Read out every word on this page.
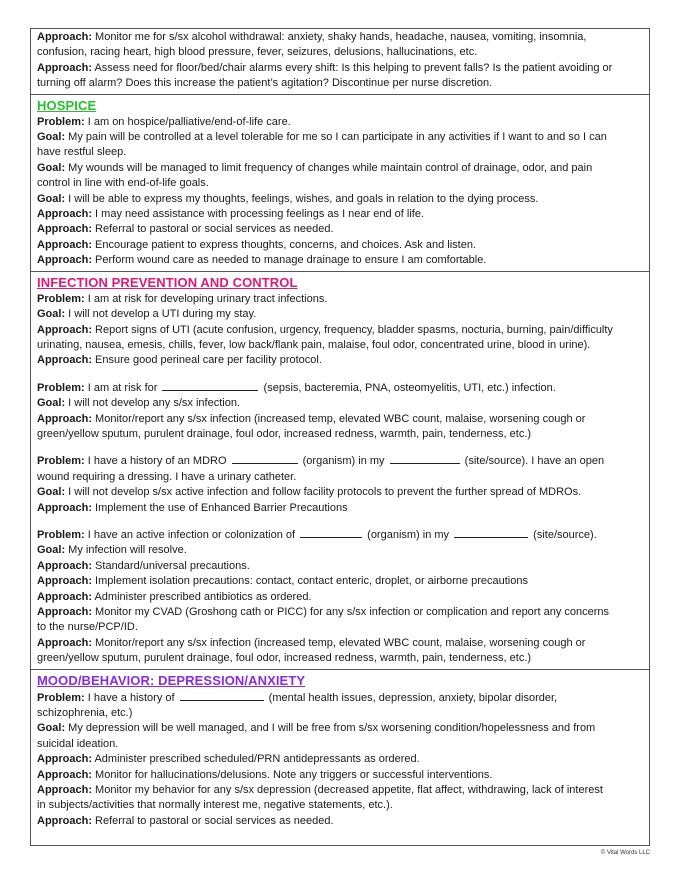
Approach: Monitor me for s/sx alcohol withdrawal: anxiety, shaky hands, headache, nausea, vomiting, insomnia,

confusion, racing heart, high blood pressure, fever, seizures, delusions, hallucinations, etc.

Approach: Assess need for floor/bed/chair alarms every shift: Is this helping to prevent falls? Is the patient avoiding or

turning off alarm? Does this increase the patient’s agitation? Discontinue per nurse discretion.

HOSPICE

Problem: I am on hospice/palliative/end-of-life care.

Goal: My pain will be controlled at a level tolerable for me so I can participate in any activities if I want to and so I can

have restful sleep.

Goal: My wounds will be managed to limit frequency of changes while maintain control of drainage, odor, and pain

control in line with end-of-life goals.

Goal: I will be able to express my thoughts, feelings, wishes, and goals in relation to the dying process.

Approach: I may need assistance with processing feelings as I near end of life.

Approach: Referral to pastoral or social services as needed.

Approach: Encourage patient to express thoughts, concerns, and choices. Ask and listen.

Approach: Perform wound care as needed to manage drainage to ensure I am comfortable.

INFECTION PREVENTION AND CONTROL

Problem: I am at risk for developing urinary tract infections.

Goal: I will not develop a UTI during my stay.

Approach: Report signs of UTI (acute confusion, urgency, frequency, bladder spasms, nocturia, burning, pain/difficulty

urinating, nausea, emesis, chills, fever, low back/flank pain, malaise, foul odor, concentrated urine, blood in urine).

Approach: Ensure good perineal care per facility protocol.

Problem: I am at risk for	(sepsis, bacteremia, PNA, osteomyelitis, UTI, etc.) infection.

Goal: I will not develop any s/sx infection.

Approach: Monitor/report any s/sx infection (increased temp, elevated WBC count, malaise, worsening cough or

green/yellow sputum, purulent drainage, foul odor, increased redness, warmth, pain, tenderness, etc.)

Problem: I have a history of an MDRO	(organism) in my	(site/source). I have an open

wound requiring a dressing. I have a urinary catheter.

Goal: I will not develop s/sx active infection and follow facility protocols to prevent the further spread of MDROs.

Approach: Implement the use of Enhanced Barrier Precautions

Problem: I have an active infection or colonization of	(organism) in my	(site/source).

Goal: My infection will resolve.

Approach: Standard/universal precautions.

Approach: Implement isolation precautions: contact, contact enteric, droplet, or airborne precautions

Approach: Administer prescribed antibiotics as ordered.

Approach: Monitor my CVAD (Groshong cath or PICC) for any s/sx infection or complication and report any concerns

to the nurse/PCP/ID.

Approach: Monitor/report any s/sx infection (increased temp, elevated WBC count, malaise, worsening cough or

green/yellow sputum, purulent drainage, foul odor, increased redness, warmth, pain, tenderness, etc.)

MOOD/BEHAVIOR: DEPRESSION/ANXIETY

Problem: I have a history of	(mental health issues, depression, anxiety, bipolar disorder,

schizophrenia, etc.)

Goal: My depression will be well managed, and I will be free from s/sx worsening condition/hopelessness and from

suicidal ideation.

Approach: Administer prescribed scheduled/PRN antidepressants as ordered.

Approach: Monitor for hallucinations/delusions. Note any triggers or successful interventions.

Approach: Monitor my behavior for any s/sx depression (decreased appetite, flat affect, withdrawing, lack of interest

in subjects/activities that normally interest me, negative statements, etc.).

Approach: Referral to pastoral or social services as needed.

© Vital Words LLC
